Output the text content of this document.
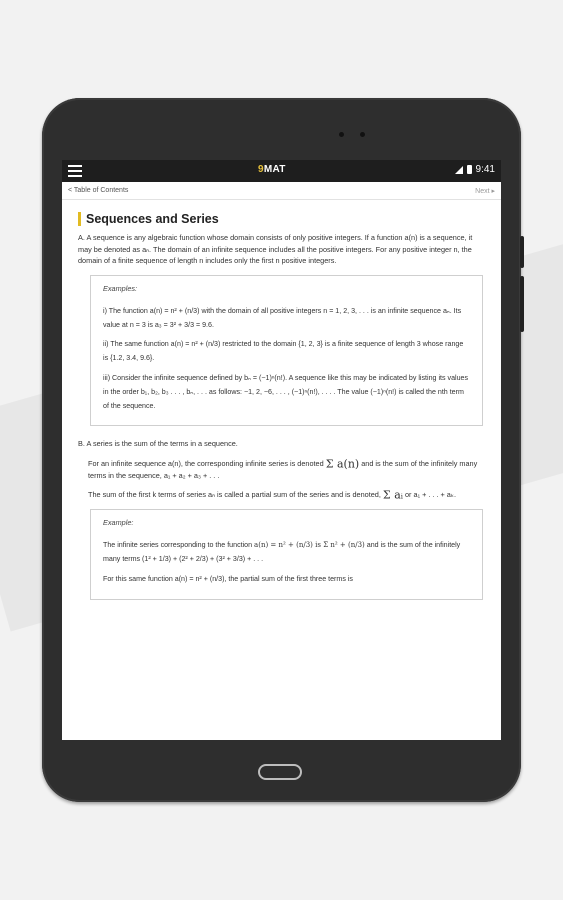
9MAT	9:41
< Table of Contents	Next ▸
Sequences and Series

A. A sequence is any algebraic function whose domain consists of only positive integers. If a function a(n) is a sequence, it may be denoted as aₙ. The domain of an infinite sequence includes all the positive integers. For any positive integer n, the domain of a finite sequence of length n includes only the first n positive integers.

Examples:

i) The function a(n) = n² + (n/3) with the domain of all positive integers n = 1, 2, 3, . . . is an infinite sequence aₙ. Its value at n = 3 is a₃ = 3² + 3/3 = 9.6.

ii) The same function a(n) = n² + (n/3) restricted to the domain {1, 2, 3} is a finite sequence of length 3 whose range is {1.2, 3.4, 9.6}.

iii) Consider the infinite sequence defined by bₙ = (−1)ⁿ(n!). A sequence like this may be indicated by listing its values in the order b₁, b₂, b₃ . . . , bₙ, . . . as follows: −1, 2, −6, . . . , (−1)ⁿ(n!), . . . . The value (−1)ⁿ(n!) is called the nth term of the sequence.

B. A series is the sum of the terms in a sequence.

For an infinite sequence a(n), the corresponding infinite series is denoted Σ a(n) and is the sum of the infinitely many terms in the sequence, a₁ + a₂ + a₃ + . . .

The sum of the first k terms of series aₙ is called a partial sum of the series and is denoted, Σ aᵢ or a₁ + . . . + aₖ.

Example:

The infinite series corresponding to the function a(n) = n² + (n/3) is Σ n² + (n/3) and is the sum of the infinitely many terms (1² + 1/3) + (2² + 2/3) + (3² + 3/3) + . . .

For this same function a(n) = n² + (n/3), the partial sum of the first three terms is
